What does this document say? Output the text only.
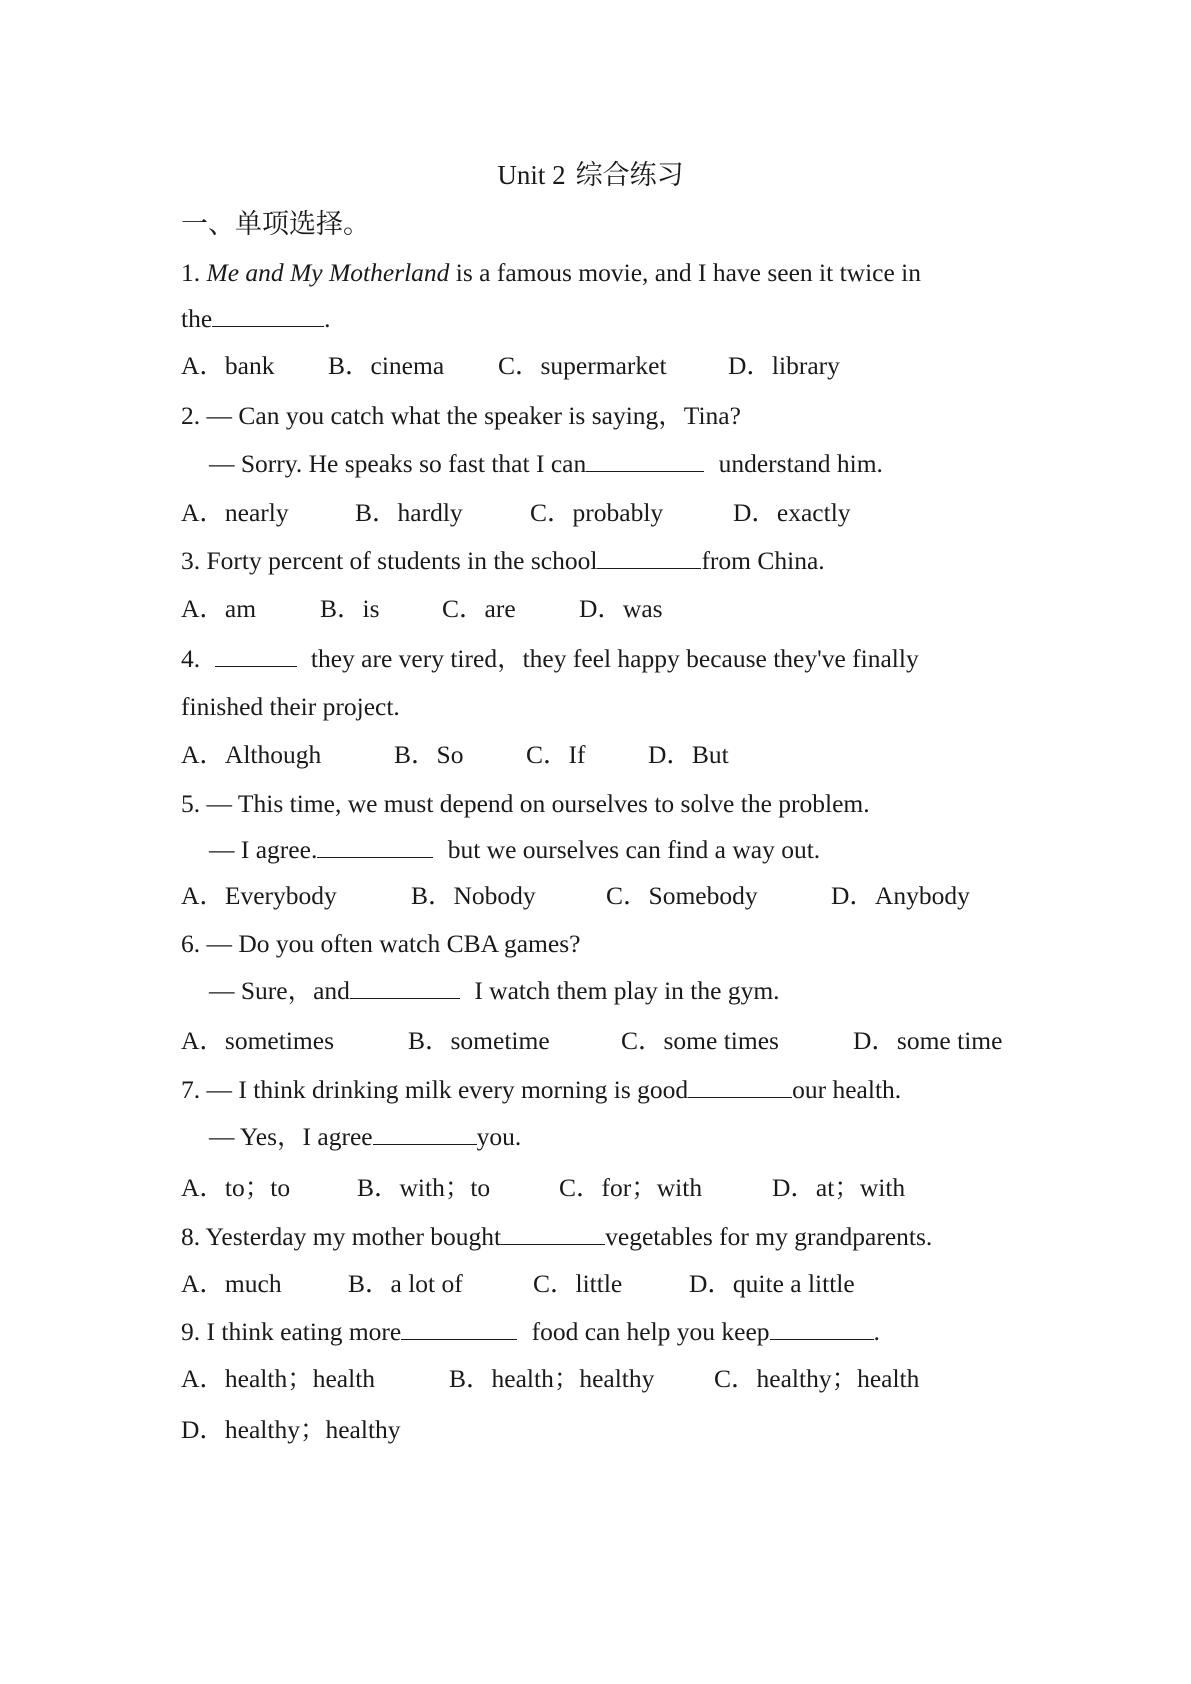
Unit 2 综合练习
一、单项选择。
1. Me and My Motherland is a famous movie, and I have seen it twice in
the	.
A．bank B．cinema C．supermarket D．library
2. — Can you catch what the speaker is saying，Tina?
— Sorry. He speaks so fast that I can	understand him.
A．nearly	B．hardly	C．probably	D．exactly
3. Forty percent of students in the school	from China.
A．am	B．is C．are D．was
4.	they are very tired，they feel happy because they've finally
finished their project.
A．Although	B．So C．If D．But
5. — This time, we must depend on ourselves to solve the problem.
— I agree.	but we ourselves can find a way out.
A．Everybody	B．Nobody	C．Somebody	D．Anybody
6. — Do you often watch CBA games?
— Sure，and	I watch them play in the gym.
A．sometimes	B．sometime	C．some times	D．some time
7. — I think drinking milk every morning is good	our health.
— Yes，I agree	you.
A．to；to	B．with；to	C．for；with	D．at；with
8. Yesterday my mother bought	vegetables for my grandparents.
A．much	B．a lot of	C．little	D．quite a little
9. I think eating more	food can help you keep	.
A．health；health	B．health；healthy C．healthy；health
D．healthy；healthy
